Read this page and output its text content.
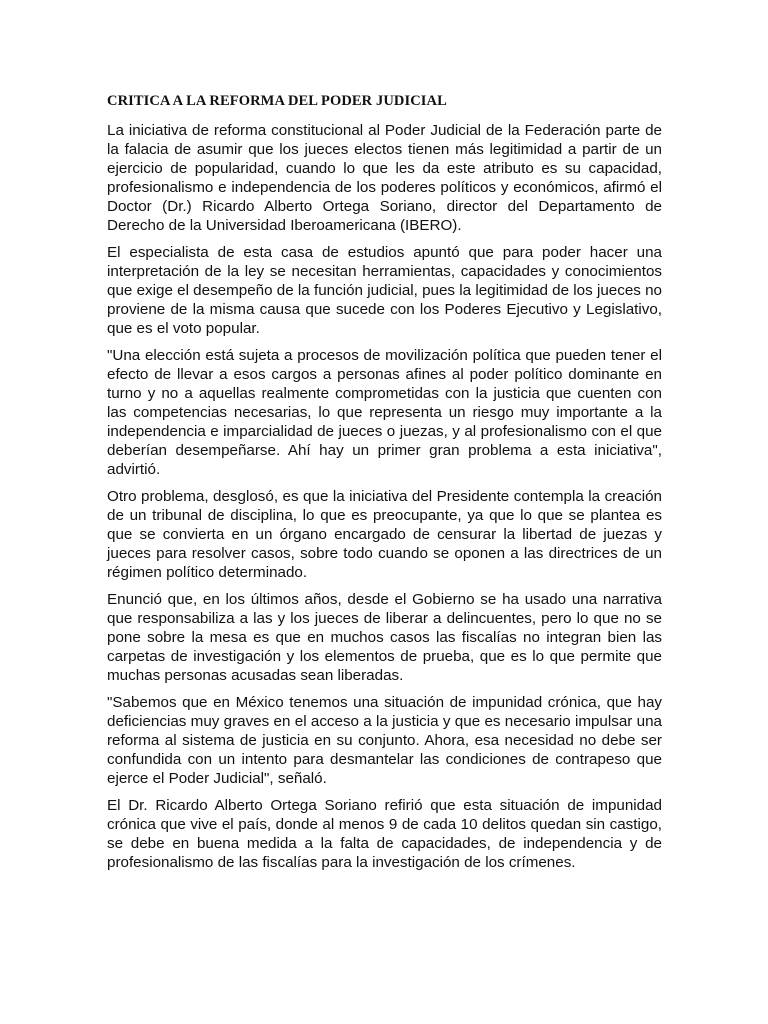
CRITICA A LA REFORMA DEL PODER JUDICIAL

La iniciativa de reforma constitucional al Poder Judicial de la Federación parte de la falacia de asumir que los jueces electos tienen más legitimidad a partir de un ejercicio de popularidad, cuando lo que les da este atributo es su capacidad, profesionalismo e independencia de los poderes políticos y económicos, afirmó el Doctor (Dr.) Ricardo Alberto Ortega Soriano, director del Departamento de Derecho de la Universidad Iberoamericana (IBERO).

El especialista de esta casa de estudios apuntó que para poder hacer una interpretación de la ley se necesitan herramientas, capacidades y conocimientos que exige el desempeño de la función judicial, pues la legitimidad de los jueces no proviene de la misma causa que sucede con los Poderes Ejecutivo y Legislativo, que es el voto popular.

"Una elección está sujeta a procesos de movilización política que pueden tener el efecto de llevar a esos cargos a personas afines al poder político dominante en turno y no a aquellas realmente comprometidas con la justicia que cuenten con las competencias necesarias, lo que representa un riesgo muy importante a la independencia e imparcialidad de jueces o juezas, y al profesionalismo con el que deberían desempeñarse. Ahí hay un primer gran problema a esta iniciativa", advirtió.

Otro problema, desglosó, es que la iniciativa del Presidente contempla la creación de un tribunal de disciplina, lo que es preocupante, ya que lo que se plantea es que se convierta en un órgano encargado de censurar la libertad de juezas y jueces para resolver casos, sobre todo cuando se oponen a las directrices de un régimen político determinado.

Enunció que, en los últimos años, desde el Gobierno se ha usado una narrativa que responsabiliza a las y los jueces de liberar a delincuentes, pero lo que no se pone sobre la mesa es que en muchos casos las fiscalías no integran bien las carpetas de investigación y los elementos de prueba, que es lo que permite que muchas personas acusadas sean liberadas.

"Sabemos que en México tenemos una situación de impunidad crónica, que hay deficiencias muy graves en el acceso a la justicia y que es necesario impulsar una reforma al sistema de justicia en su conjunto. Ahora, esa necesidad no debe ser confundida con un intento para desmantelar las condiciones de contrapeso que ejerce el Poder Judicial", señaló.

El Dr. Ricardo Alberto Ortega Soriano refirió que esta situación de impunidad crónica que vive el país, donde al menos 9 de cada 10 delitos quedan sin castigo, se debe en buena medida a la falta de capacidades, de independencia y de profesionalismo de las fiscalías para la investigación de los crímenes.
